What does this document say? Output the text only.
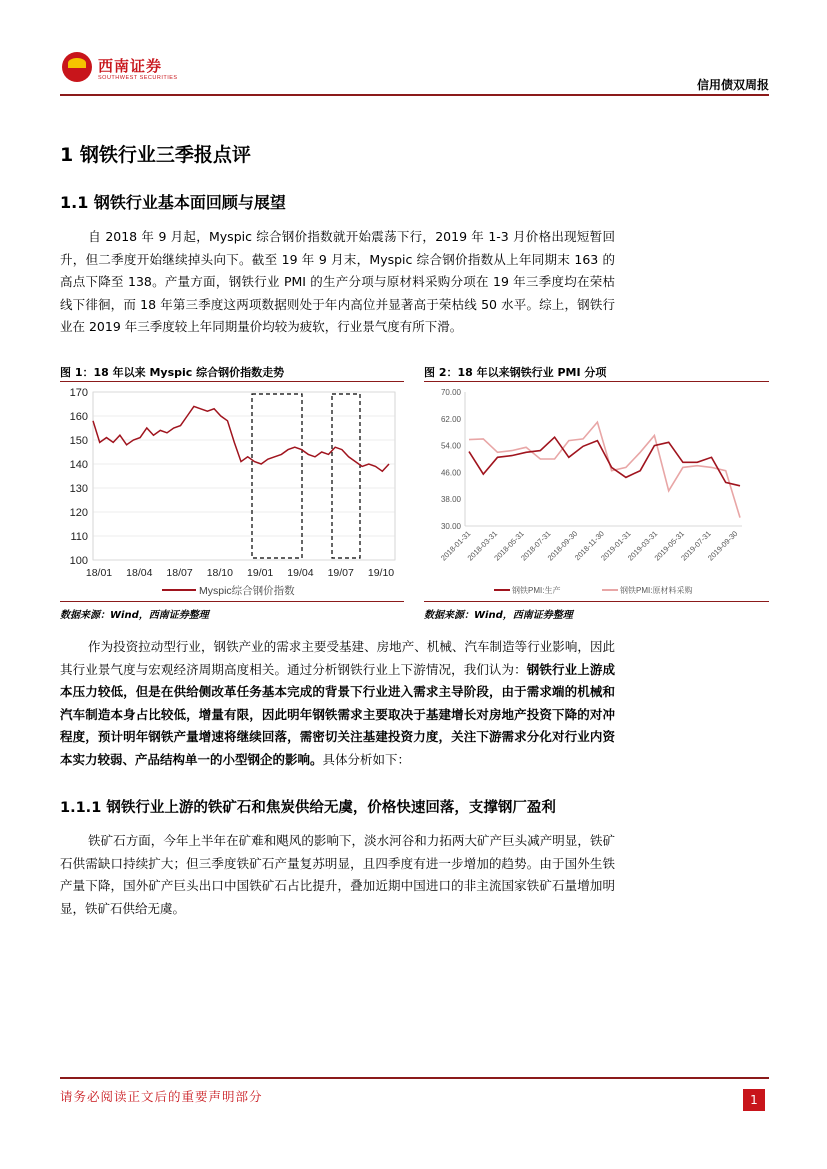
西南证券
SOUTHWEST SECURITIES	信用债双周报
1 钢铁行业三季报点评
1.1 钢铁行业基本面回顾与展望

自 2018 年 9 月起，Myspic 综合钢价指数就开始震荡下行，2019 年 1-3 月价格出现短暂回升，但二季度开始继续掉头向下。截至 19 年 9 月末，Myspic 综合钢价指数从上年同期末 163 的高点下降至 138。产量方面，钢铁行业 PMI 的生产分项与原材料采购分项在 19 年三季度均在荣枯线下徘徊，而 18 年第三季度这两项数据则处于年内高位并显著高于荣枯线 50 水平。综上，钢铁行业在 2019 年三季度较上年同期量价均较为疲软，行业景气度有所下滑。

图 1：18 年以来 Myspic 综合钢价指数走势
170
160
150
140
130
120
110
100
18/01 18/04 18/07 18/10 19/01 19/04 19/07 19/10
Myspic综合钢价指数
数据来源：Wind，西南证券整理
图 2：18 年以来钢铁行业 PMI 分项
70.00
62.00
54.00
46.00
38.00
30.00
2018-01-31
2018-03-31
2018-05-31
2018-07-31
2018-09-30
2018-11-30
2019-01-31
2019-03-31
2019-05-31
2019-07-31
2019-09-30
钢铁PMI:生产	钢铁PMI:原材料采购
数据来源：Wind，西南证券整理

作为投资拉动型行业，钢铁产业的需求主要受基建、房地产、机械、汽车制造等行业影响，因此其行业景气度与宏观经济周期高度相关。通过分析钢铁行业上下游情况，我们认为：钢铁行业上游成本压力较低，但是在供给侧改革任务基本完成的背景下行业进入需求主导阶段，由于需求端的机械和汽车制造本身占比较低，增量有限，因此明年钢铁需求主要取决于基建增长对房地产投资下降的对冲程度，预计明年钢铁产量增速将继续回落，需密切关注基建投资力度，关注下游需求分化对行业内资本实力较弱、产品结构单一的小型钢企的影响。具体分析如下：

1.1.1 钢铁行业上游的铁矿石和焦炭供给无虞，价格快速回落，支撑钢厂盈利

铁矿石方面，今年上半年在矿难和飓风的影响下，淡水河谷和力拓两大矿产巨头减产明显，铁矿石供需缺口持续扩大；但三季度铁矿石产量复苏明显，且四季度有进一步增加的趋势。由于国外生铁产量下降，国外矿产巨头出口中国铁矿石占比提升，叠加近期中国进口的非主流国家铁矿石量增加明显，铁矿石供给无虞。

请务必阅读正文后的重要声明部分	1
